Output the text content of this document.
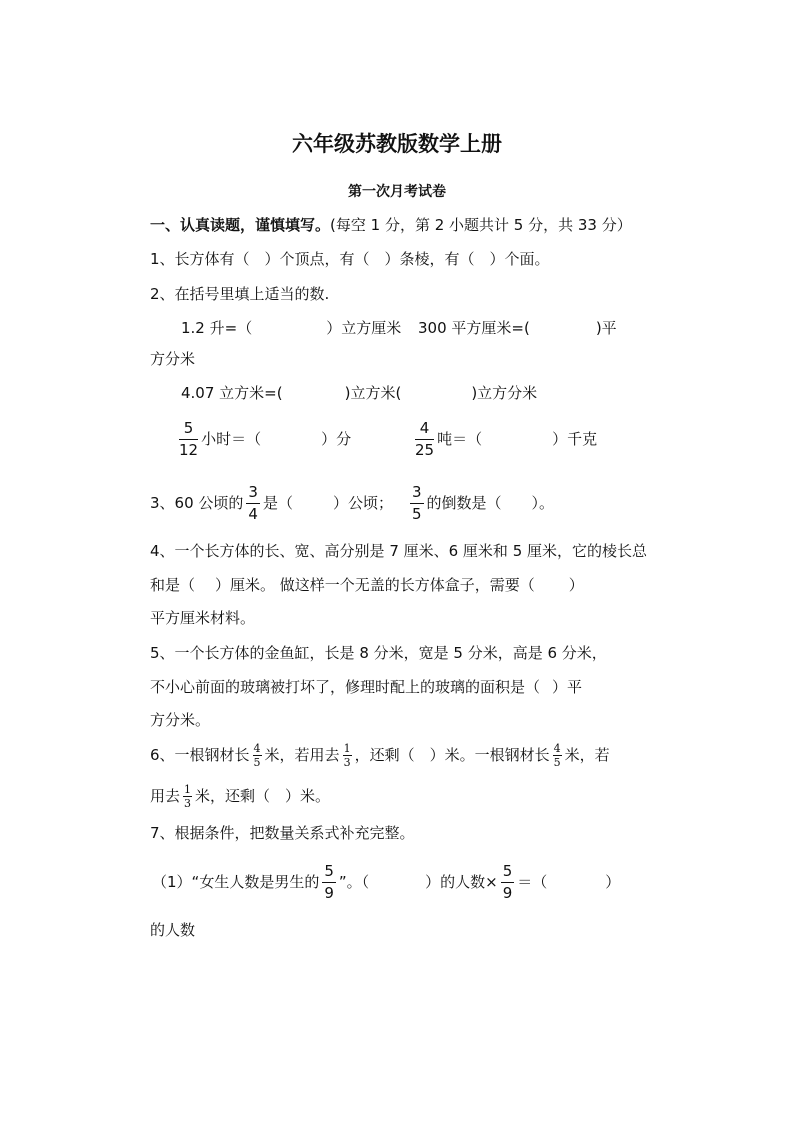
六年级苏教版数学上册
第一次月考试卷
一、认真读题，谨慎填写。(每空 1 分，第 2 小题共计 5 分，共 33 分）
1、长方体有（　）个顶点，有（　）条棱，有（　）个面。
2、在括号里填上适当的数.
1.2 升=（	）立方厘米 300 平方厘米=(	)平
方分米
4.07 立方米=(	)立方米(	)立方分米
$\frac{5}{12}$ 小时＝（	）分	$\frac{4}{25}$ 吨＝（	）千克
3、60 公顷的 $\frac{3}{4}$ 是（	）公顷； $\frac{3}{5}$ 的倒数是（ ）。
4、一个长方体的长、宽、高分别是 7 厘米、6 厘米和 5 厘米，它的棱长总
和是（ ）厘米。 做这样一个无盖的长方体盒子，需要（ ）
平方厘米材料。
5、一个长方体的金鱼缸，长是 8 分米，宽是 5 分米，高是 6 分米，
不小心前面的玻璃被打坏了，修理时配上的玻璃的面积是（ ）平
方分米。
6、一根钢材长 $\frac{4}{5}$ 米，若用去 $\frac{1}{3}$ ，还剩（　）米。一根钢材长 $\frac{4}{5}$ 米，若
用去 $\frac{1}{3}$ 米，还剩（　）米。
7、根据条件，把数量关系式补充完整。
（1）“女生人数是男生的 $\frac{5}{9}$ ”。（	）的人数× $\frac{5}{9}$ ＝（	）
的人数
